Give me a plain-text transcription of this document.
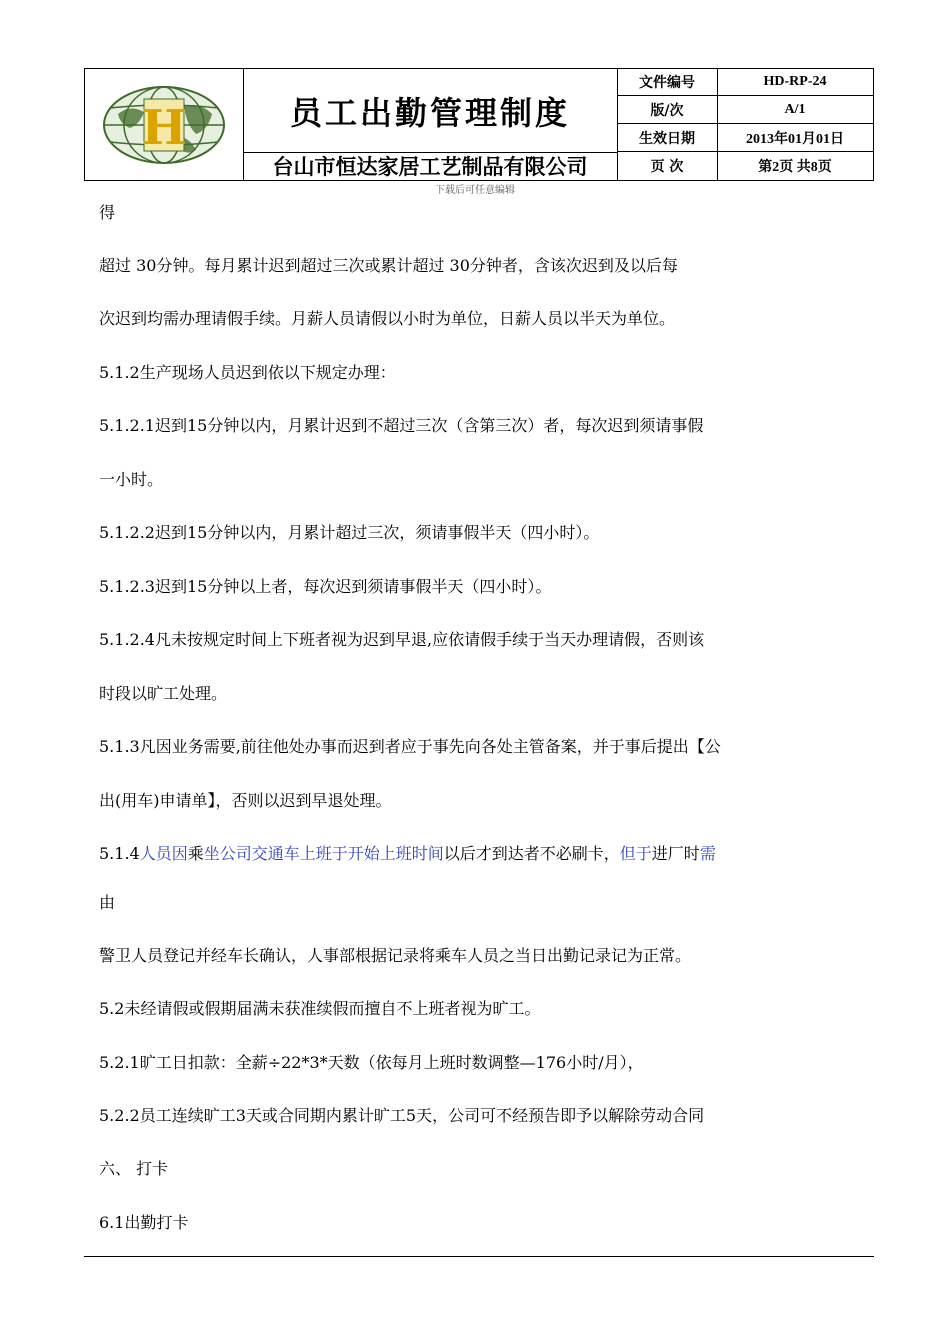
H	员工出勤管理制度
台山市恒达家居工艺制品有限公司
文件编号	HD-RP-24
版/次	A/1
生效日期	2013年01月01日
页 次	第2页 共8页
下载后可任意编辑
得
超过 30分钟。每月累计迟到超过三次或累计超过 30分钟者，含该次迟到及以后每
次迟到均需办理请假手续。月薪人员请假以小时为单位，日薪人员以半天为单位。
5.1.2生产现场人员迟到依以下规定办理：
5.1.2.1迟到15分钟以内，月累计迟到不超过三次（含第三次）者，每次迟到须请事假
一小时。
5.1.2.2迟到15分钟以内，月累计超过三次，须请事假半天（四小时）。
5.1.2.3迟到15分钟以上者，每次迟到须请事假半天（四小时）。
5.1.2.4凡未按规定时间上下班者视为迟到早退,应依请假手续于当天办理请假，否则该
时段以旷工处理。
5.1.3凡因业务需要,前往他处办事而迟到者应于事先向各处主管备案，并于事后提出【公
出(用车)申请单】，否则以迟到早退处理。
5.1.4人员因乘坐公司交通车上班于开始上班时间以后才到达者不必刷卡，但于进厂时需
由
警卫人员登记并经车长确认，人事部根据记录将乘车人员之当日出勤记录记为正常。
5.2未经请假或假期届满未获准续假而擅自不上班者视为旷工。
5.2.1旷工日扣款：全薪÷22*3*天数（依每月上班时数调整—176小时/月），
5.2.2员工连续旷工3天或合同期内累计旷工5天，公司可不经预告即予以解除劳动合同
六、 打卡
6.1出勤打卡
